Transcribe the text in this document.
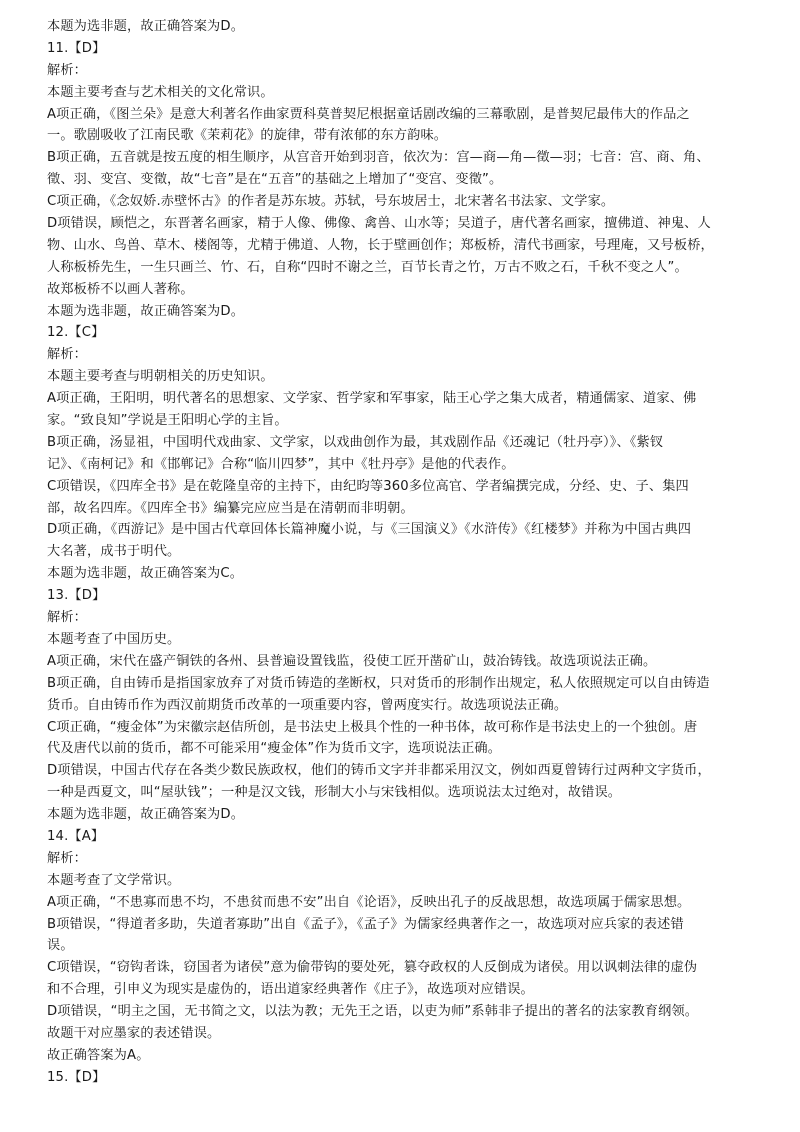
本题为选非题，故正确答案为D。
11.【D】
解析：
本题主要考查与艺术相关的文化常识。
A项正确，《图兰朵》是意大利著名作曲家贾科莫普契尼根据童话剧改编的三幕歌剧，是普契尼最伟大的作品之
一。歌剧吸收了江南民歌《茉莉花》的旋律，带有浓郁的东方韵味。
B项正确，五音就是按五度的相生顺序，从宫音开始到羽音，依次为：宫—商—角—徵—羽；七音：宫、商、角、
徵、羽、变宫、变徵，故“七音”是在“五音”的基础之上增加了“变宫、变徵”。
C项正确，《念奴娇.赤壁怀古》的作者是苏东坡。苏轼，号东坡居士，北宋著名书法家、文学家。
D项错误，顾恺之，东晋著名画家，精于人像、佛像、禽兽、山水等；吴道子，唐代著名画家，擅佛道、神鬼、人
物、山水、鸟兽、草木、楼阁等，尤精于佛道、人物，长于壁画创作；郑板桥，清代书画家，号理庵，又号板桥，
人称板桥先生，一生只画兰、竹、石，自称“四时不谢之兰，百节长青之竹，万古不败之石，千秋不变之人”。
故郑板桥不以画人著称。
本题为选非题，故正确答案为D。
12.【C】
解析：
本题主要考查与明朝相关的历史知识。
A项正确，王阳明，明代著名的思想家、文学家、哲学家和军事家，陆王心学之集大成者，精通儒家、道家、佛
家。“致良知”学说是王阳明心学的主旨。
B项正确，汤显祖，中国明代戏曲家、文学家，以戏曲创作为最，其戏剧作品《还魂记（牡丹亭）》、《紫钗
记》、《南柯记》和《邯郸记》合称“临川四梦”，其中《牡丹亭》是他的代表作。
C项错误，《四库全书》是在乾隆皇帝的主持下，由纪昀等360多位高官、学者编撰完成，分经、史、子、集四
部，故名四库。《四库全书》编纂完应应当是在清朝而非明朝。
D项正确，《西游记》是中国古代章回体长篇神魔小说，与《三国演义》《水浒传》《红楼梦》并称为中国古典四
大名著，成书于明代。
本题为选非题，故正确答案为C。
13.【D】
解析：
本题考查了中国历史。
A项正确，宋代在盛产铜铁的各州、县普遍设置钱监，役使工匠开凿矿山，鼓冶铸钱。故选项说法正确。
B项正确，自由铸币是指国家放弃了对货币铸造的垄断权，只对货币的形制作出规定，私人依照规定可以自由铸造
货币。自由铸币作为西汉前期货币改革的一项重要内容，曾两度实行。故选项说法正确。
C项正确，“瘦金体”为宋徽宗赵佶所创，是书法史上极具个性的一种书体，故可称作是书法史上的一个独创。唐
代及唐代以前的货币，都不可能采用“瘦金体”作为货币文字，选项说法正确。
D项错误，中国古代存在各类少数民族政权，他们的铸币文字并非都采用汉文，例如西夏曾铸行过两种文字货币，
一种是西夏文，叫“屋驮钱”；一种是汉文钱，形制大小与宋钱相似。选项说法太过绝对，故错误。
本题为选非题，故正确答案为D。
14.【A】
解析：
本题考查了文学常识。
A项正确，“不患寡而患不均，不患贫而患不安”出自《论语》，反映出孔子的反战思想，故选项属于儒家思想。
B项错误，“得道者多助，失道者寡助”出自《孟子》，《孟子》为儒家经典著作之一，故选项对应兵家的表述错
误。
C项错误，“窃钩者诛，窃国者为诸侯”意为偷带钩的要处死，篡夺政权的人反倒成为诸侯。用以讽刺法律的虚伪
和不合理，引申义为现实是虚伪的，语出道家经典著作《庄子》，故选项对应错误。
D项错误，“明主之国，无书简之文，以法为教；无先王之语，以吏为师”系韩非子提出的著名的法家教育纲领。
故题干对应墨家的表述错误。
故正确答案为A。
15.【D】
